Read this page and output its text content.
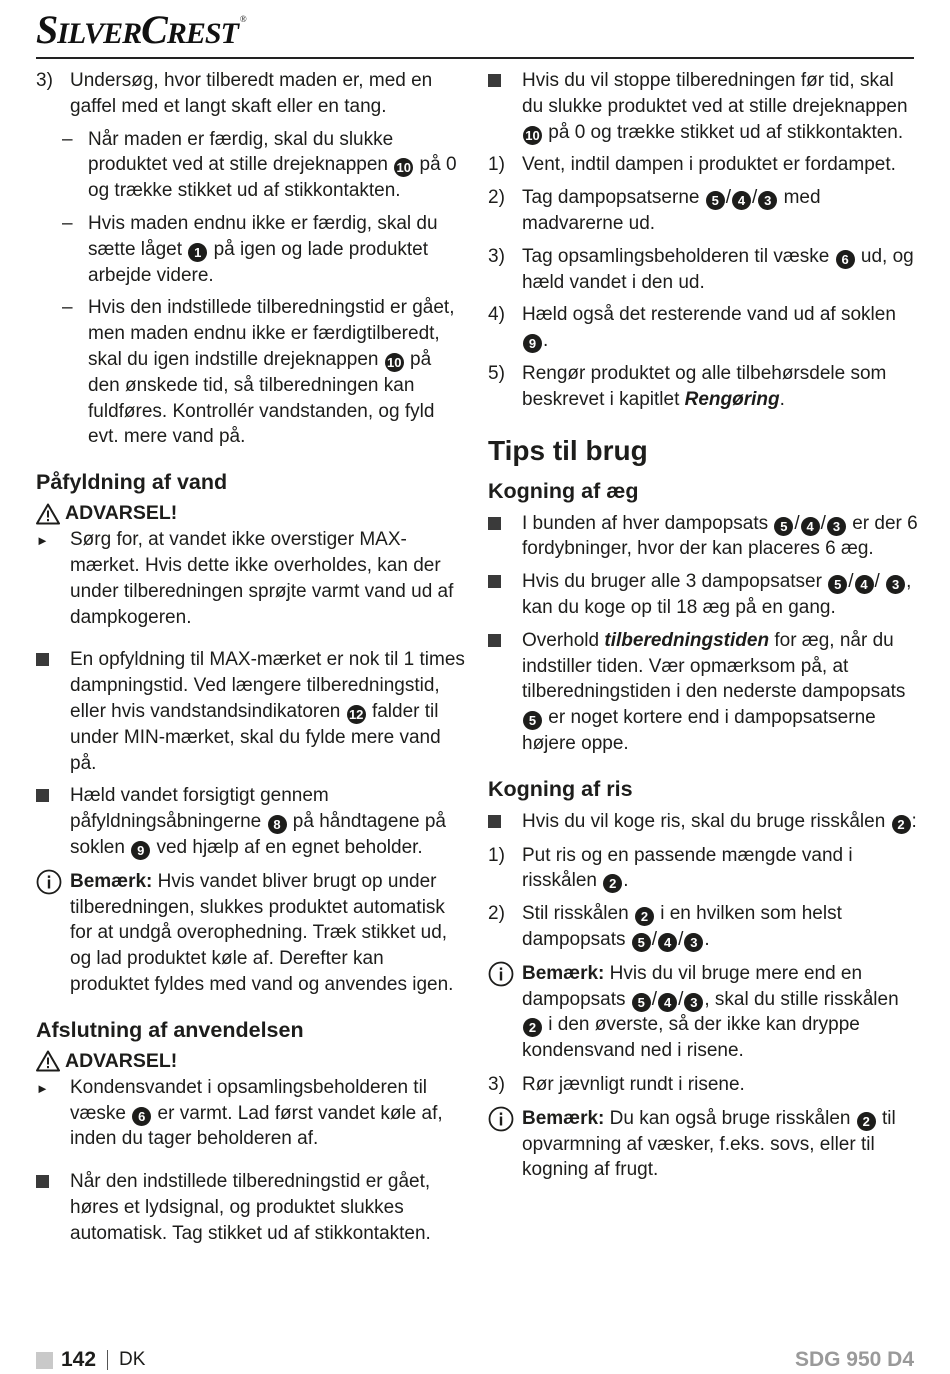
SILVERCREST ®
3) Undersøg, hvor tilberedt maden er, med en gaffel med et langt skaft eller en tang.
– Når maden er færdig, skal du slukke produktet ved at stille drejeknappen 10 på 0 og trække stikket ud af stikkontakten.
– Hvis maden endnu ikke er færdig, skal du sætte låget 1 på igen og lade produktet arbejde videre.
– Hvis den indstillede tilberedningstid er gået, men maden endnu ikke er færdigtilberedt, skal du igen indstille drejeknappen 10 på den ønskede tid, så tilberedningen kan fuldføres. Kontrollér vandstanden, og fyld evt. mere vand på.
Påfyldning af vand
ADVARSEL!
►	Sørg for, at vandet ikke overstiger MAX-mærket. Hvis dette ikke overholdes, kan der under tilberedningen sprøjte varmt vand ud af dampkogeren.
En opfyldning til MAX-mærket er nok til 1 times dampningstid. Ved længere tilberedningstid, eller hvis vandstandsindikatoren 12 falder til under MIN-mærket, skal du fylde mere vand på.
Hæld vandet forsigtigt gennem påfyldningsåbningerne 8 på håndtagene på soklen 9 ved hjælp af en egnet beholder.
Bemærk: Hvis vandet bliver brugt op under tilberedningen, slukkes produktet automatisk for at undgå overophedning. Træk stikket ud, og lad produktet køle af. Derefter kan produktet fyldes med vand og anvendes igen.
Afslutning af anvendelsen
ADVARSEL!
►	Kondensvandet i opsamlingsbeholderen til væske 6 er varmt. Lad først vandet køle af, inden du tager beholderen af.
Når den indstillede tilberedningstid er gået, høres et lydsignal, og produktet slukkes automatisk. Tag stikket ud af stikkontakten.
Hvis du vil stoppe tilberedningen før tid, skal du slukke produktet ved at stille drejeknappen 10 på 0 og trække stikket ud af stikkontakten.
1) Vent, indtil dampen i produktet er fordampet.
2) Tag dampopsatserne 5 / 4 / 3 med madvarerne ud.
3) Tag opsamlingsbeholderen til væske 6 ud, og hæld vandet i den ud.
4) Hæld også det resterende vand ud af soklen 9 .
5) Rengør produktet og alle tilbehørsdele som beskrevet i kapitlet Rengøring.
Tips til brug
Kogning af æg
I bunden af hver dampopsats 5 / 4 / 3 er der 6 fordybninger, hvor der kan placeres 6 æg.
Hvis du bruger alle 3 dampopsatser 5 / 4 / 3 , kan du koge op til 18 æg på en gang.
Overhold tilberedningstiden for æg, når du indstiller tiden. Vær opmærksom på, at tilberedningstiden i den nederste dampopsats 5 er noget kortere end i dampopsatserne højere oppe.
Kogning af ris
Hvis du vil koge ris, skal du bruge risskålen 2 :
1) Put ris og en passende mængde vand i risskålen 2 .
2) Stil risskålen 2 i en hvilken som helst dampopsats 5 / 4 / 3 .
Bemærk: Hvis du vil bruge mere end en dampopsats 5 / 4 / 3 , skal du stille risskålen 2 i den øverste, så der ikke kan dryppe kondensvand ned i risene.
3) Rør jævnligt rundt i risene.
Bemærk: Du kan også bruge risskålen 2 til opvarmning af væsker, f.eks. sovs, eller til kogning af frugt.
142 DK	SDG 950 D4
